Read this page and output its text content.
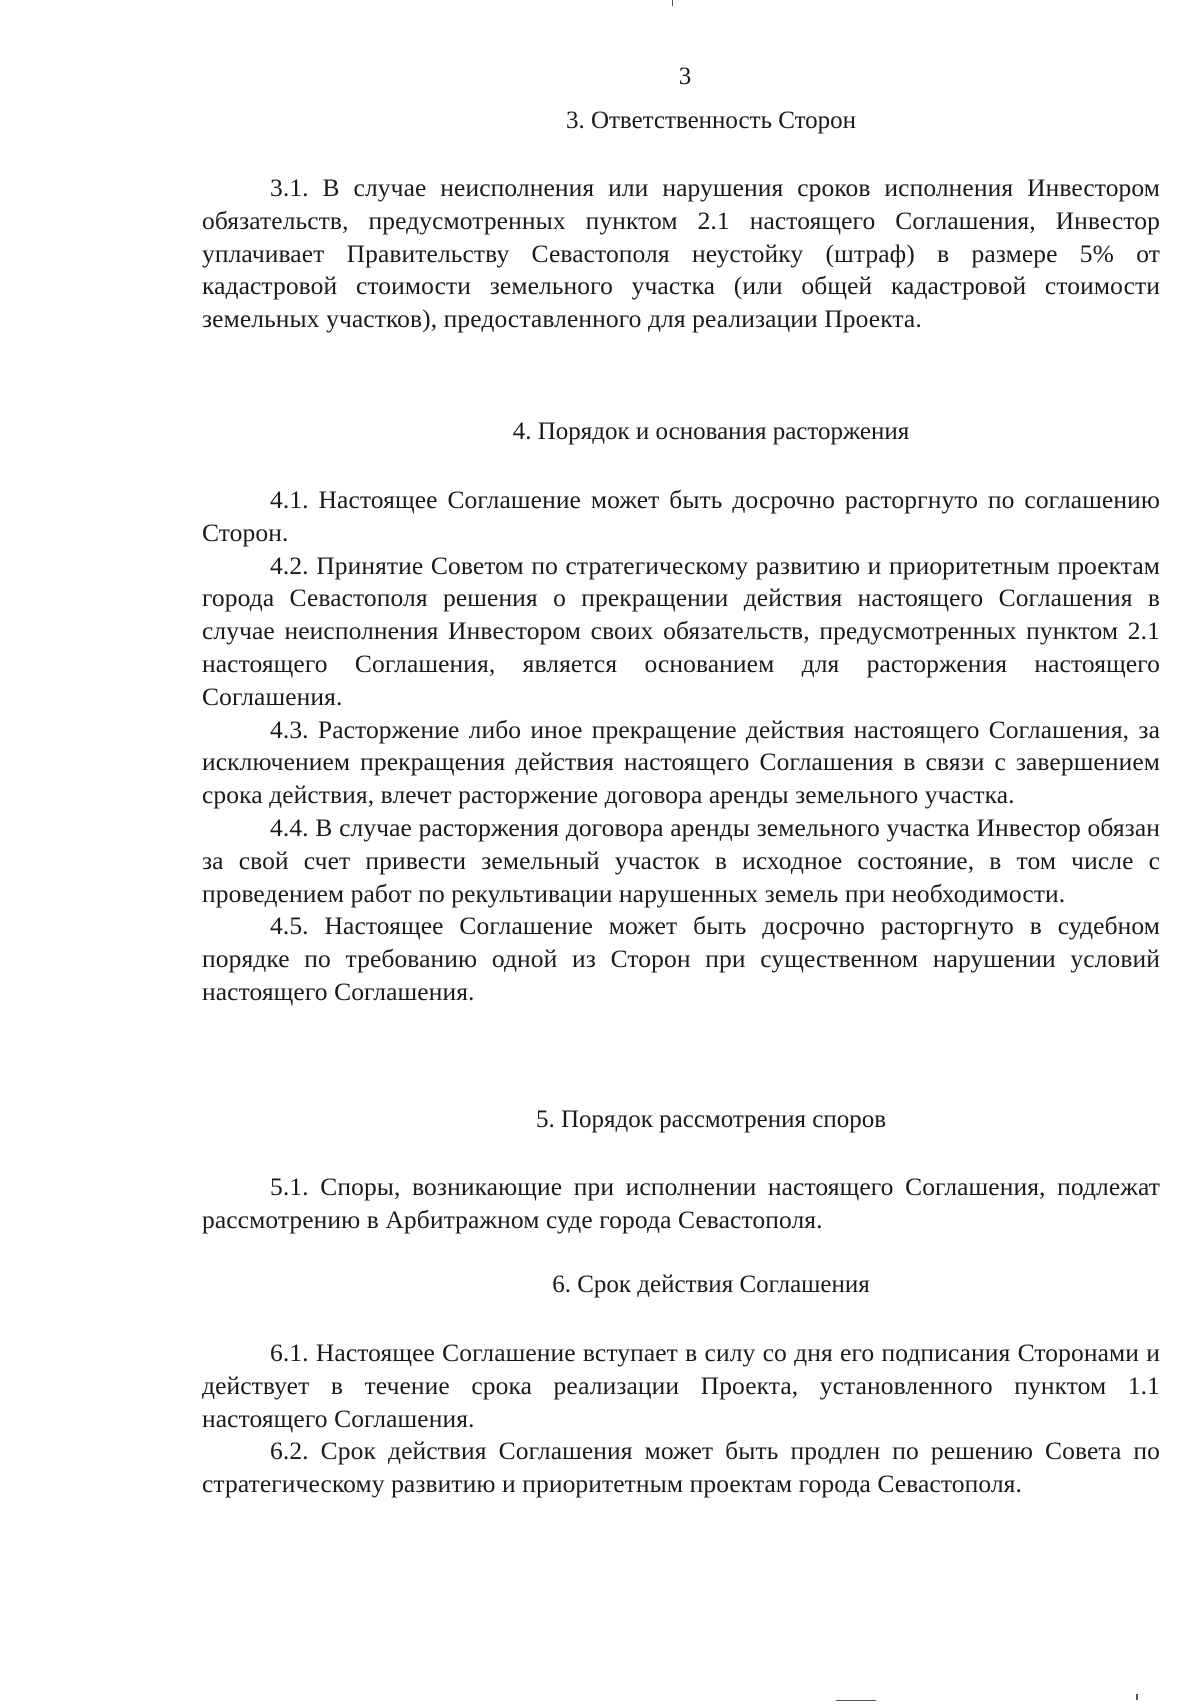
3

3. Ответственность Сторон

3.1. В случае неисполнения или нарушения сроков исполнения Инвестором обязательств, предусмотренных пунктом 2.1 настоящего Соглашения, Инвестор уплачивает Правительству Севастополя неустойку (штраф) в размере 5% от кадастровой стоимости земельного участка (или общей кадастровой стоимости земельных участков), предоставленного для реализации Проекта.

4. Порядок и основания расторжения

4.1. Настоящее Соглашение может быть досрочно расторгнуто по соглашению Сторон.

4.2. Принятие Советом по стратегическому развитию и приоритетным проектам города Севастополя решения о прекращении действия настоящего Соглашения в случае неисполнения Инвестором своих обязательств, предусмотренных пунктом 2.1 настоящего Соглашения, является основанием для расторжения настоящего Соглашения.

4.3. Расторжение либо иное прекращение действия настоящего Соглашения, за исключением прекращения действия настоящего Соглашения в связи с завершением срока действия, влечет расторжение договора аренды земельного участка.

4.4. В случае расторжения договора аренды земельного участка Инвестор обязан за свой счет привести земельный участок в исходное состояние, в том числе с проведением работ по рекультивации нарушенных земель при необходимости.

4.5. Настоящее Соглашение может быть досрочно расторгнуто в судебном порядке по требованию одной из Сторон при существенном нарушении условий настоящего Соглашения.

5. Порядок рассмотрения споров

5.1. Споры, возникающие при исполнении настоящего Соглашения, подлежат рассмотрению в Арбитражном суде города Севастополя.

6. Срок действия Соглашения

6.1. Настоящее Соглашение вступает в силу со дня его подписания Сторонами и действует в течение срока реализации Проекта, установленного пунктом 1.1 настоящего Соглашения.

6.2. Срок действия Соглашения может быть продлен по решению Совета по стратегическому развитию и приоритетным проектам города Севастополя.
